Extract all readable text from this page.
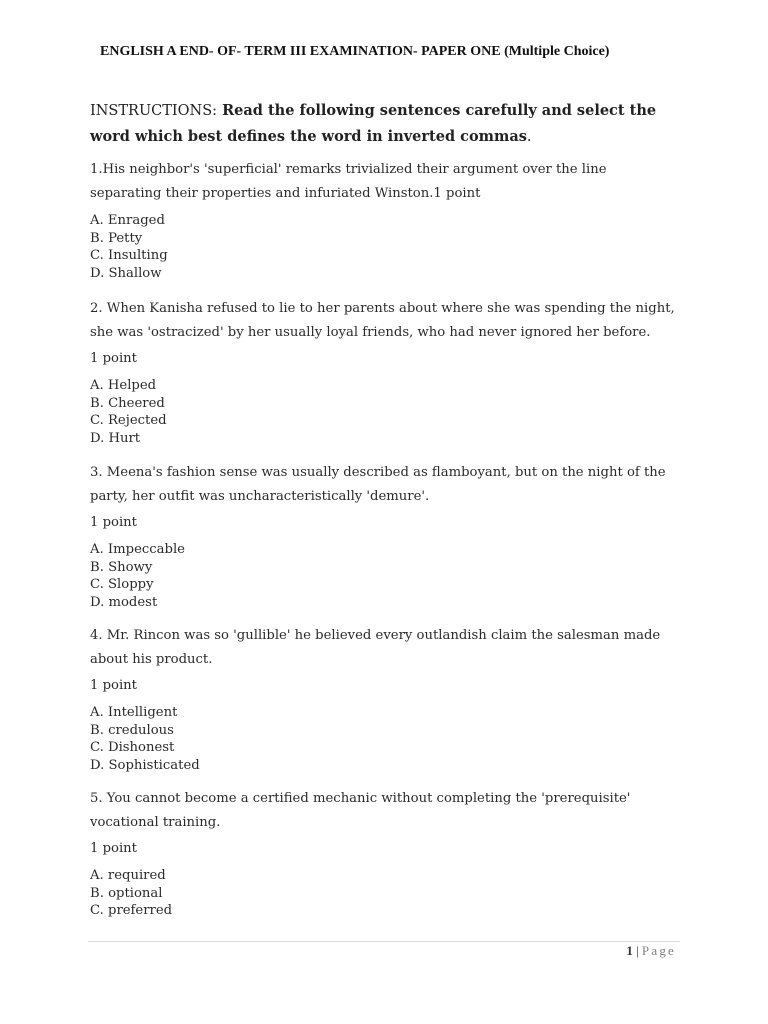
ENGLISH A END- OF- TERM III EXAMINATION- PAPER ONE (Multiple Choice)
INSTRUCTIONS: Read the following sentences carefully and select the word which best defines the word in inverted commas.

1.His neighbor's 'superficial' remarks trivialized their argument over the line separating their properties and infuriated Winston.1 point

A. Enraged
B. Petty
C. Insulting
D. Shallow

2. When Kanisha refused to lie to her parents about where she was spending the night, she was 'ostracized' by her usually loyal friends, who had never ignored her before.

1 point

A. Helped
B. Cheered
C. Rejected
D. Hurt

3. Meena's fashion sense was usually described as flamboyant, but on the night of the party, her outfit was uncharacteristically 'demure'.

1 point

A. Impeccable
B. Showy
C. Sloppy
D. modest

4. Mr. Rincon was so 'gullible' he believed every outlandish claim the salesman made about his product.

1 point

A. Intelligent
B. credulous
C. Dishonest
D. Sophisticated

5. You cannot become a certified mechanic without completing the 'prerequisite' vocational training.

1 point

A. required
B. optional
C. preferred
1 | Page
